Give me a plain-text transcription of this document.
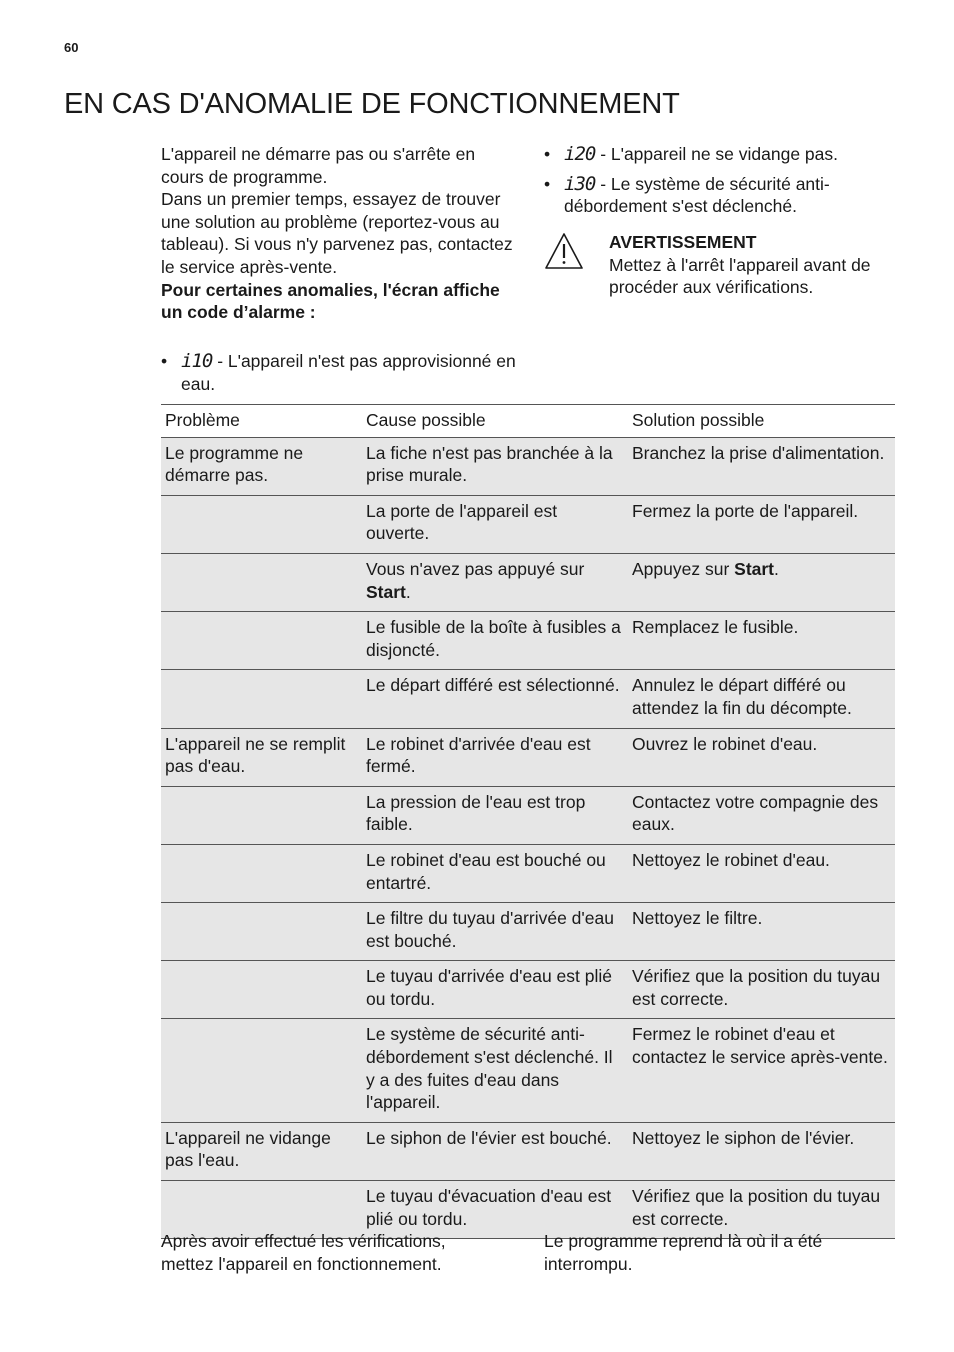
60
EN CAS D'ANOMALIE DE FONCTIONNEMENT

L'appareil ne démarre pas ou s'arrête en cours de programme.

Dans un premier temps, essayez de trouver une solution au problème (reportez-vous au tableau). Si vous n'y parvenez pas, contactez le service après-vente.

Pour certaines anomalies, l'écran affiche un code d’alarme :

• i10 - L'appareil n'est pas approvisionné en eau.
• i20 - L'appareil ne se vidange pas.
• i30 - Le système de sécurité anti-débordement s'est déclenché.
AVERTISSEMENT
Mettez à l'arrêt l'appareil avant de procéder aux vérifications.
Problème	Cause possible	Solution possible
Le programme ne démarre pas.	La fiche n'est pas branchée à la prise murale.	Branchez la prise d'alimentation.
	La porte de l'appareil est ouverte.	Fermez la porte de l'appareil.
	Vous n'avez pas appuyé sur Start.	Appuyez sur Start.
	Le fusible de la boîte à fusibles a disjoncté.	Remplacez le fusible.
	Le départ différé est sélectionné.	Annulez le départ différé ou attendez la fin du décompte.
L'appareil ne se remplit pas d'eau.	Le robinet d'arrivée d'eau est fermé.	Ouvrez le robinet d'eau.
	La pression de l'eau est trop faible.	Contactez votre compagnie des eaux.
	Le robinet d'eau est bouché ou entartré.	Nettoyez le robinet d'eau.
	Le filtre du tuyau d'arrivée d'eau est bouché.	Nettoyez le filtre.
	Le tuyau d'arrivée d'eau est plié ou tordu.	Vérifiez que la position du tuyau est correcte.
	Le système de sécurité anti-débordement s'est déclenché. Il y a des fuites d'eau dans l'appareil.	Fermez le robinet d'eau et contactez le service après-vente.
L'appareil ne vidange pas l'eau.	Le siphon de l'évier est bouché.	Nettoyez le siphon de l'évier.
	Le tuyau d'évacuation d'eau est plié ou tordu.	Vérifiez que la position du tuyau est correcte.
Après avoir effectué les vérifications, mettez l'appareil en fonctionnement.
Le programme reprend là où il a été interrompu.
